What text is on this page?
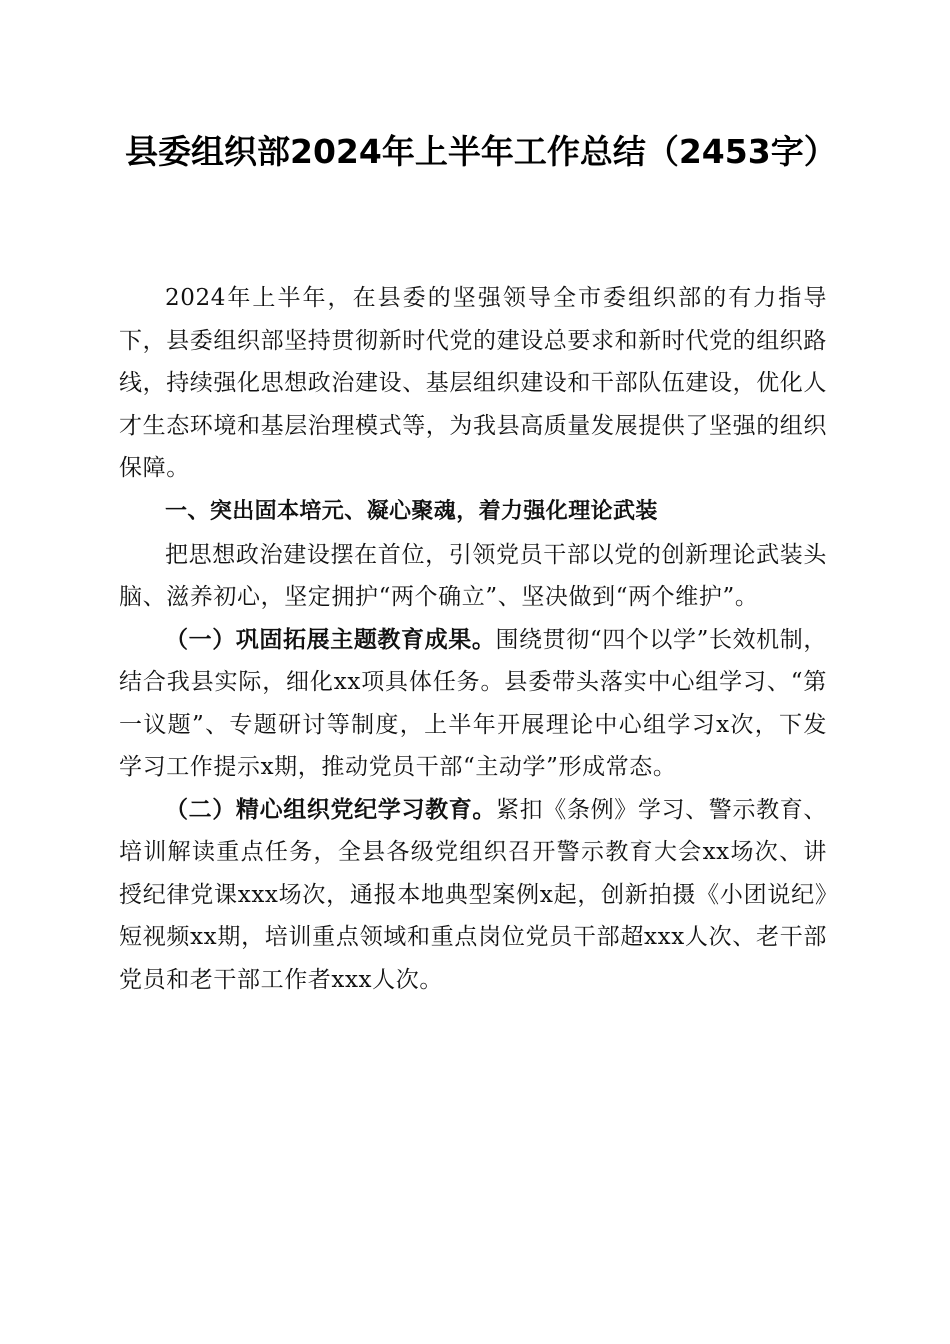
县委组织部2024年上半年工作总结（2453字）

2024年上半年，在县委的坚强领导全市委组织部的有力指导下，县委组织部坚持贯彻新时代党的建设总要求和新时代党的组织路线，持续强化思想政治建设、基层组织建设和干部队伍建设，优化人才生态环境和基层治理模式等，为我县高质量发展提供了坚强的组织保障。

一、突出固本培元、凝心聚魂，着力强化理论武装

把思想政治建设摆在首位，引领党员干部以党的创新理论武装头脑、滋养初心，坚定拥护“两个确立”、坚决做到“两个维护”。

（一）巩固拓展主题教育成果。围绕贯彻“四个以学”长效机制，结合我县实际，细化xx项具体任务。县委带头落实中心组学习、“第一议题”、专题研讨等制度，上半年开展理论中心组学习x次，下发学习工作提示x期，推动党员干部“主动学”形成常态。

（二）精心组织党纪学习教育。紧扣《条例》学习、警示教育、培训解读重点任务，全县各级党组织召开警示教育大会xx场次、讲授纪律党课xxx场次，通报本地典型案例x起，创新拍摄《小团说纪》短视频xx期，培训重点领域和重点岗位党员干部超xxx人次、老干部党员和老干部工作者xxx人次。
